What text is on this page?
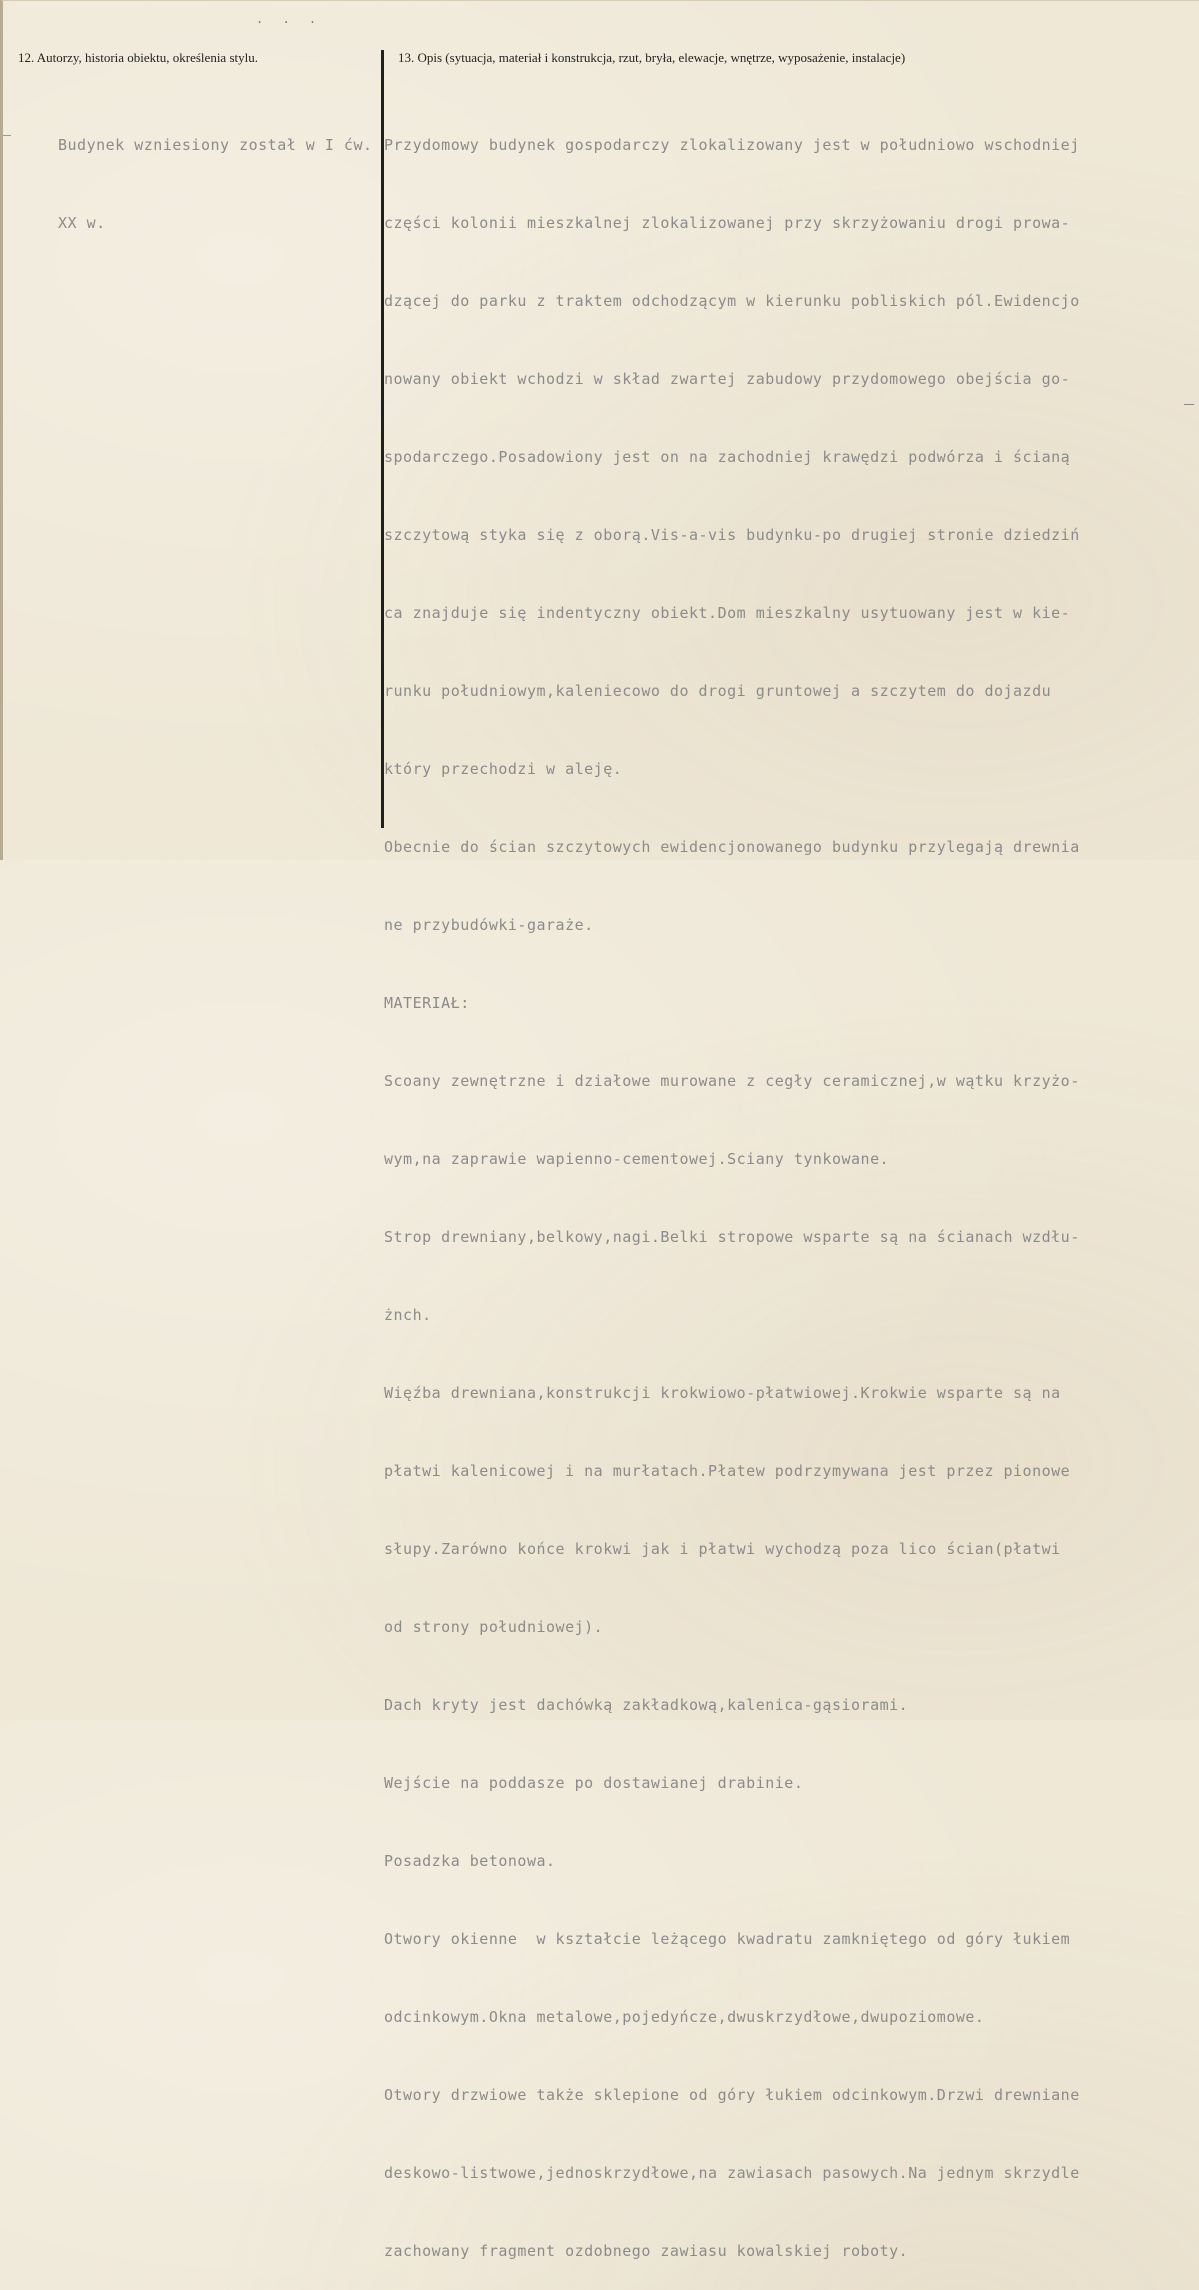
. . .
12. Autorzy, historia obiektu, określenia stylu.	13. Opis (sytuacja, materiał i konstrukcja, rzut, bryła, elewacje, wnętrze, wyposażenie, instalacje)

Budynek wzniesiony został w I ćw.

XX w.

Przydomowy budynek gospodarczy zlokalizowany jest w południowo wschodniej

części kolonii mieszkalnej zlokalizowanej przy skrzyżowaniu drogi prowa-

dzącej do parku z traktem odchodzącym w kierunku pobliskich pól.Ewidencjo

nowany obiekt wchodzi w skład zwartej zabudowy przydomowego obejścia go-

spodarczego.Posadowiony jest on na zachodniej krawędzi podwórza i ścianą

szczytową styka się z oborą.Vis-a-vis budynku-po drugiej stronie dziedziń

ca znajduje się indentyczny obiekt.Dom mieszkalny usytuowany jest w kie-

runku południowym,kaleniecowo do drogi gruntowej a szczytem do dojazdu

który przechodzi w aleję.

Obecnie do ścian szczytowych ewidencjonowanego budynku przylegają drewnia

ne przybudówki-garaże.

MATERIAŁ:

Scoany zewnętrzne i działowe murowane z cegły ceramicznej,w wątku krzyżo-

wym,na zaprawie wapienno-cementowej.Sciany tynkowane.

Strop drewniany,belkowy,nagi.Belki stropowe wsparte są na ścianach wzdłu-

żnch.

Więźba drewniana,konstrukcji krokwiowo-płatwiowej.Krokwie wsparte są na

płatwi kalenicowej i na murłatach.Płatew podrzymywana jest przez pionowe

słupy.Zarówno końce krokwi jak i płatwi wychodzą poza lico ścian(płatwi

od strony południowej).

Dach kryty jest dachówką zakładkową,kalenica-gąsiorami.

Wejście na poddasze po dostawianej drabinie.

Posadzka betonowa.

Otwory okienne  w kształcie leżącego kwadratu zamkniętego od góry łukiem

odcinkowym.Okna metalowe,pojedyńcze,dwuskrzydłowe,dwupoziomowe.

Otwory drzwiowe także sklepione od góry łukiem odcinkowym.Drzwi drewniane

deskowo-listwowe,jednoskrzydłowe,na zawiasach pasowych.Na jednym skrzydle

zachowany fragment ozdobnego zawiasu kowalskiej roboty.
